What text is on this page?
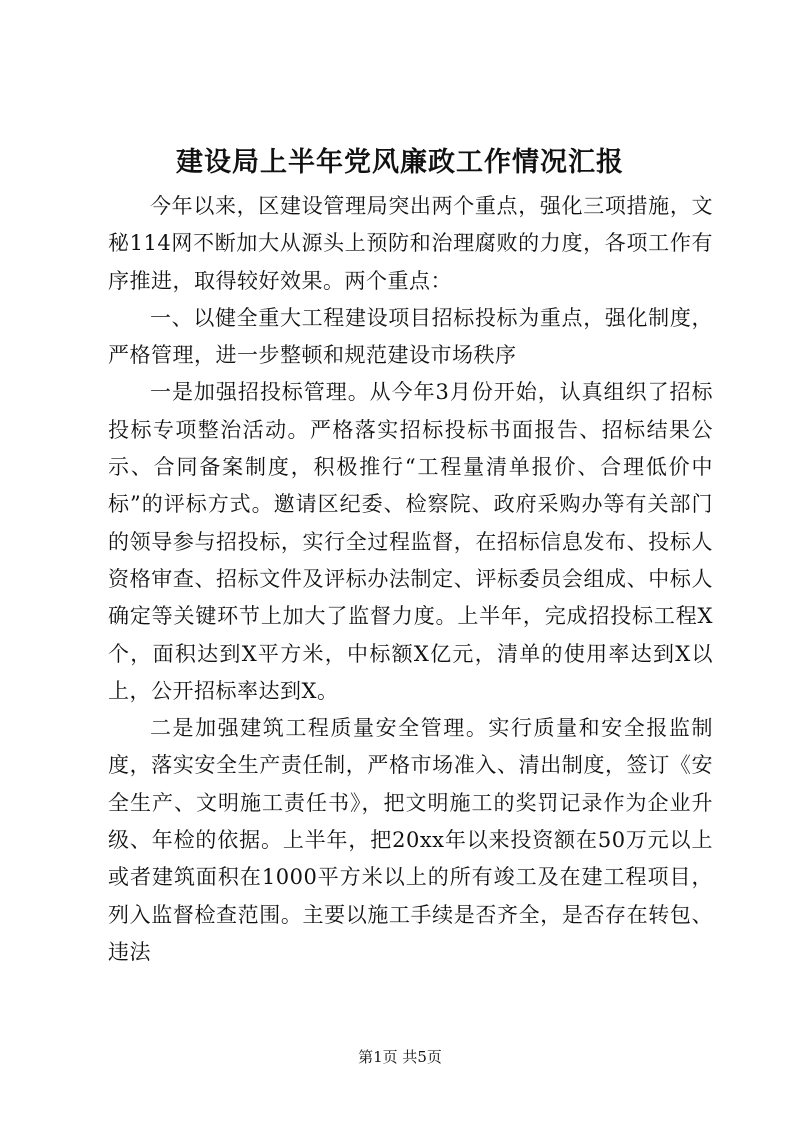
建设局上半年党风廉政工作情况汇报

今年以来，区建设管理局突出两个重点，强化三项措施，文秘114网不断加大从源头上预防和治理腐败的力度，各项工作有序推进，取得较好效果。两个重点：

一、以健全重大工程建设项目招标投标为重点，强化制度，严格管理，进一步整顿和规范建设市场秩序

一是加强招投标管理。从今年3月份开始，认真组织了招标投标专项整治活动。严格落实招标投标书面报告、招标结果公示、合同备案制度，积极推行“工程量清单报价、合理低价中标”的评标方式。邀请区纪委、检察院、政府采购办等有关部门的领导参与招投标，实行全过程监督，在招标信息发布、投标人资格审查、招标文件及评标办法制定、评标委员会组成、中标人确定等关键环节上加大了监督力度。上半年，完成招投标工程X个，面积达到X平方米，中标额X亿元，清单的使用率达到X以上，公开招标率达到X。

二是加强建筑工程质量安全管理。实行质量和安全报监制度，落实安全生产责任制，严格市场准入、清出制度，签订《安全生产、文明施工责任书》，把文明施工的奖罚记录作为企业升级、年检的依据。上半年，把20xx年以来投资额在50万元以上或者建筑面积在1000平方米以上的所有竣工及在建工程项目，列入监督检查范围。主要以施工手续是否齐全，是否存在转包、违法

第1页 共5页
